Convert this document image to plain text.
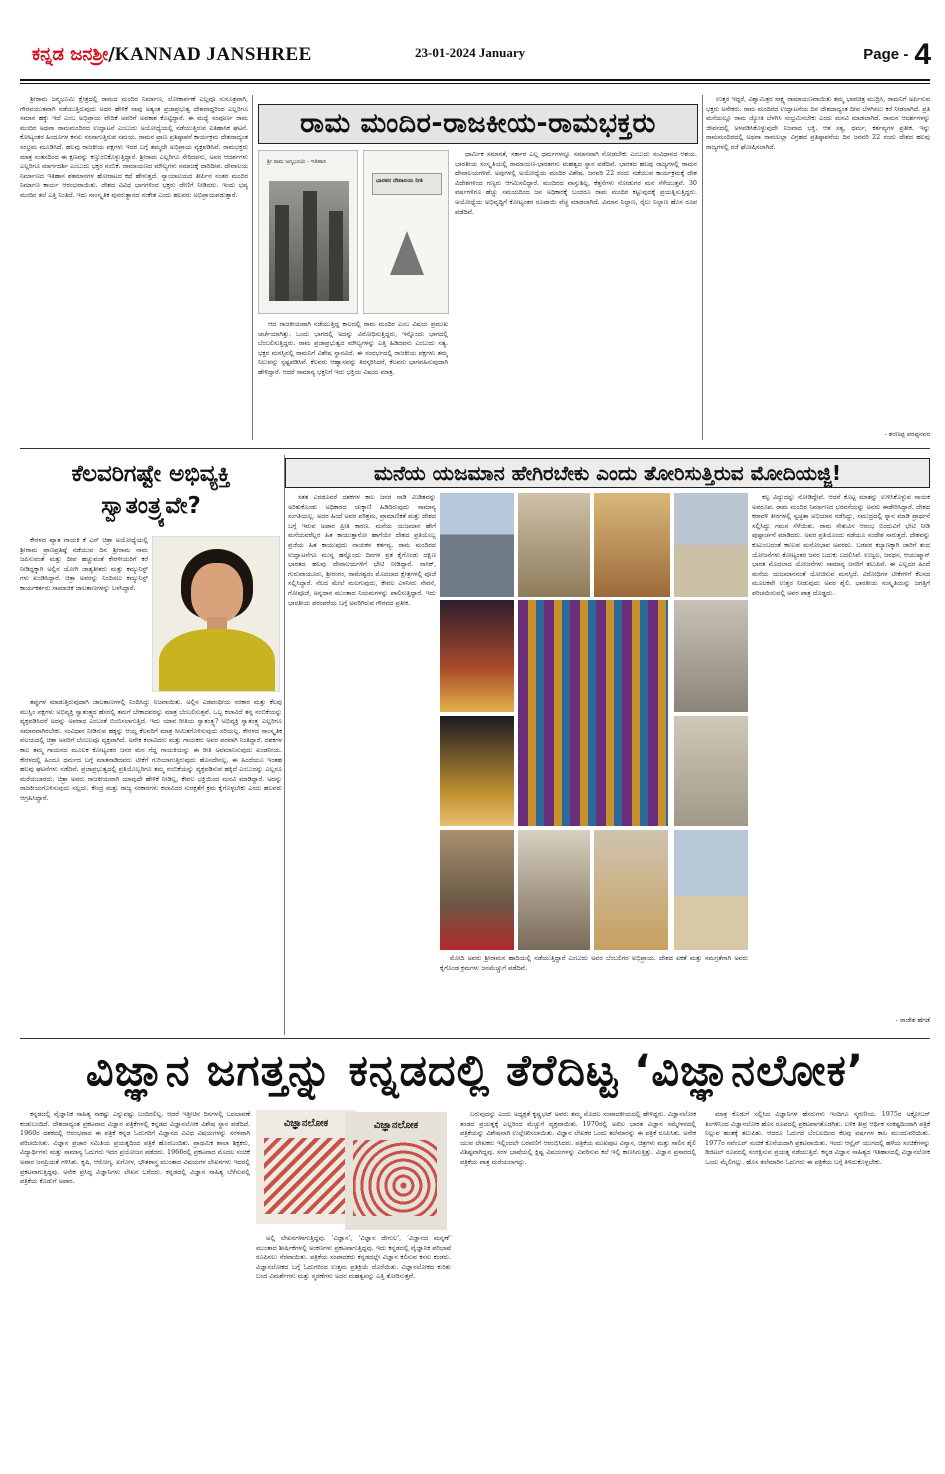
ಕನ್ನಡ ಜನಶ್ರೀ/KANNAD JANSHREE	23-01-2024 January	Page - 4

ಶ್ರೀರಾಮ ಜನ್ಮಭೂಮಿ ಕ್ಷೇತ್ರದಲ್ಲಿ ರಾಮದ ಮಂದಿರ ನಿರ್ಮಾಣ, ಲೋಕಾರ್ಪಣೆ ಎಲ್ಲವೂ ಸುಸೂತ್ರವಾಗಿ, ಗೌರವಯುತವಾಗಿ ನಡೆಯುತ್ತಿರುವುದು ಅದರ ಹೇಳಿಕೆ ನಾವು ಅತ್ಯಂತ ಪ್ರಜಾಪ್ರಭುತ್ವ ದೇಶವಾದ್ದರಿಂದ ಎಲ್ಲರಿಗೂ ಸಮಾನ ಹಕ್ಕು ಇದೆ ಎಂಬ ಅಭಿಪ್ರಾಯ ವೇದಿಕೆ ಅವರಿಗೆ ಅವಕಾಶ ಕೊಟ್ಟಿದ್ದಾರೆ. ಈ ಮಧ್ಯೆ ಸಂಪೂರ್ಣ ರಾಮ ಮಂದಿರ ಅಥವಾ ರಾಮಮಂದಿರದ ಉದ್ಘಾಟನೆ ಎಂಬುದು ಅಯೋಧ್ಯೆಯಲ್ಲಿ ನಡೆಯುತ್ತಿರುವ ಐತಿಹಾಸಿಕ ಘಟನೆ. ಕೋಟ್ಯಂತರ ಹಿಂದೂಗಳ ಕನಸು ನನಸಾಗುತ್ತಿರುವ ಸಮಯ. ರಾಮನ ಪ್ರಾಣ ಪ್ರತಿಷ್ಠಾಪನೆ ಕಾರ್ಯಕ್ರಮ ದೇಶದಾದ್ಯಂತ ಸಂಭ್ರಮ ಮೂಡಿಸಿದೆ. ಹಲವು ರಾಜಕೀಯ ಪಕ್ಷಗಳು ಇದರ ಬಗ್ಗೆ ತಮ್ಮದೇ ಅಭಿಪ್ರಾಯ ವ್ಯಕ್ತಪಡಿಸಿವೆ. ರಾಮಭಕ್ತರು ಮಾತ್ರ ಸಂತಸದಿಂದ ಈ ಕ್ಷಣವನ್ನು ಕಣ್ತುಂಬಿಕೊಳ್ಳುತ್ತಿದ್ದಾರೆ. ಶ್ರೀರಾಮ ಎಲ್ಲರಿಗೂ ಸೇರಿದವನು, ಅವನ ಆದರ್ಶಗಳು ಎಲ್ಲರಿಗೂ ಮಾರ್ಗದರ್ಶಿ ಎಂಬುದು ಭಕ್ತರ ನಂಬಿಕೆ. ರಾಮಾಯಣದ ಮೌಲ್ಯಗಳು ಸಮಾಜಕ್ಕೆ ದಾರಿದೀಪ. ದೇವಾಲಯ ನಿರ್ಮಾಣದ ಇತಿಹಾಸ ಶತಮಾನಗಳ ಹೋರಾಟದ ಕಥೆ ಹೇಳುತ್ತದೆ. ನ್ಯಾಯಾಲಯದ ತೀರ್ಪಿನ ನಂತರ ಮಂದಿರ ನಿರ್ಮಾಣ ಕಾರ್ಯ ಆರಂಭವಾಯಿತು. ದೇಶದ ವಿವಿಧ ಭಾಗಗಳಿಂದ ಭಕ್ತರು ದೇಣಿಗೆ ನೀಡಿದರು. ಇಂದು ಭವ್ಯ ಮಂದಿರ ತಲೆ ಎತ್ತಿ ನಿಂತಿದೆ. ಇದು ಸಾಂಸ್ಕೃತಿಕ ಪುನರುತ್ಥಾನದ ಸಂಕೇತ ಎಂದು ಹಲವರು ಅಭಿಪ್ರಾಯಪಡುತ್ತಾರೆ.

ರಾಮ ಮಂದಿರ-ರಾಜಕೀಯ-ರಾಮಭಕ್ತರು
ಶ್ರೀ ರಾಮ ಜನ್ಮಭೂಮಿ - ಇತಿಹಾಸ
ಭಾರತದ ದೇವಾಲಯ ನೀತಿ

ಆದ ರಾಜಕೀಯವಾಗಿ ನಡೆಯುತ್ತಿದ್ದ ಕಾಲದಲ್ಲಿ ರಾಮ ಮಂದಿರ ಎಂಬ ವಿಷಯ ಪ್ರಮುಖ ಚರ್ಚೆಯಾಗಿತ್ತು. ಒಂದು ಭಾಗದಲ್ಲಿ ಅದನ್ನು ವಿರೋಧಿಸುತ್ತಿದ್ದರು, ಇನ್ನೊಂದು ಭಾಗದಲ್ಲಿ ಬೆಂಬಲಿಸುತ್ತಿದ್ದರು. ರಾಮ ಪ್ರಜಾಪ್ರಭುತ್ವದ ಮೌಲ್ಯಗಳನ್ನು ಎತ್ತಿ ಹಿಡಿದವನು ಎಂಬುದು ಸತ್ಯ. ಭಕ್ತರ ಮನಸ್ಸಿನಲ್ಲಿ ರಾಮನಿಗೆ ವಿಶೇಷ ಸ್ಥಾನವಿದೆ. ಈ ಸಂದರ್ಭದಲ್ಲಿ ರಾಜಕೀಯ ಪಕ್ಷಗಳು ತಮ್ಮ ನಿಲುವನ್ನು ಸ್ಪಷ್ಟಪಡಿಸಿವೆ. ಕೆಲವರು ಆಹ್ವಾನವನ್ನು ತಿರಸ್ಕರಿಸಿದರೆ, ಕೆಲವರು ಭಾಗವಹಿಸುವುದಾಗಿ ಹೇಳಿದ್ದಾರೆ. ಆದರೆ ಸಾಮಾನ್ಯ ಭಕ್ತನಿಗೆ ಇದು ಭಕ್ತಿಯ ವಿಷಯ ಮಾತ್ರ.

ಧಾರ್ಮಿಕ ಸಮಾನತೆ, ಸರ್ಕಾರ ಎಲ್ಲ ಧರ್ಮಗಳನ್ನೂ ಸಮಾನವಾಗಿ ನೋಡಬೇಕು ಎಂಬುದು ಸಂವಿಧಾನದ ಆಶಯ. ಭಾರತೀಯ ಸಂಸ್ಕೃತಿಯಲ್ಲಿ ರಾಮಾಯಣ-ಭಾರತಗಳು ಮಹತ್ವದ ಸ್ಥಾನ ಪಡೆದಿವೆ. ಭಾರತದ ಹಲವು ರಾಜ್ಯಗಳಲ್ಲಿ ರಾಮನ ದೇವಾಲಯಗಳಿವೆ. ಅವುಗಳಲ್ಲಿ ಅಯೋಧ್ಯೆಯ ಮಂದಿರ ವಿಶೇಷ. ಜನವರಿ 22 ರಂದು ನಡೆಯುವ ಕಾರ್ಯಕ್ರಮಕ್ಕೆ ದೇಶ ವಿದೇಶಗಳಿಂದ ಗಣ್ಯರು ಆಗಮಿಸಲಿದ್ದಾರೆ. ಮಂದಿರದ ವಾಸ್ತುಶಿಲ್ಪ, ಕೆತ್ತನೆಗಳು ನೋಡುಗರ ಮನ ಸೆಳೆಯುತ್ತವೆ. 30 ವರ್ಷಗಳಿಗೂ ಹೆಚ್ಚು ಸಮಯದಿಂದ ಜನ ಅಧಿಕಾರಕ್ಕೆ ಬಂದರೂ ರಾಮ ಮಂದಿರ ಕಟ್ಟುವುದಕ್ಕೆ ಪ್ರಯತ್ನಿಸುತ್ತಿದ್ದರು. ಅಯೋಧ್ಯೆಯ ಅಭಿವೃದ್ಧಿಗೆ ಕೋಟ್ಯಂತರ ರೂಪಾಯಿ ವೆಚ್ಚ ಮಾಡಲಾಗಿದೆ. ವಿಮಾನ ನಿಲ್ದಾಣ, ರೈಲು ನಿಲ್ದಾಣ ಹೊಸ ರೂಪ ಪಡೆದಿವೆ.

ಉತ್ತರ ಇದ್ದರೆ, ವಿಶ್ವಾಮಿತ್ರರ ಸಾಕ್ಷ್ಯ ರಾಮಾಯಣವಾಯಿತು ತಮ್ಮ ಭಾವಚಿತ್ರ ಮುದ್ರಿಸಿ, ರಾಮನಿಗೆ ಅರ್ಪಿಸುವ ಭಕ್ತರು ಅನೇಕರು. ರಾಮ ಮಂದಿರದ ಉದ್ಘಾಟನೆಯ ದಿನ ದೇಶದಾದ್ಯಂತ ದೀಪ ಬೆಳಗಿಸಲು ಕರೆ ನೀಡಲಾಗಿದೆ. ಪ್ರತಿ ಮನೆಯಲ್ಲೂ ರಾಮ ಜ್ಯೋತಿ ಬೆಳಗಿಸಿ ಸಂಭ್ರಮಿಸಬೇಕು ಎಂದು ಮನವಿ ಮಾಡಲಾಗಿದೆ. ರಾಮನ ಆದರ್ಶಗಳನ್ನು ಜೀವನದಲ್ಲಿ ಅಳವಡಿಸಿಕೊಳ್ಳುವುದೇ ನಿಜವಾದ ಭಕ್ತಿ. ಆತ ಸತ್ಯ, ಧರ್ಮ, ಕರ್ತವ್ಯಗಳ ಪ್ರತೀಕ. ಇನ್ನು ರಾಮಮಂದಿರದಲ್ಲಿ ಅಥವಾ ರಾಮಲಲ್ಲಾ ವಿಗ್ರಹದ ಪ್ರತಿಷ್ಠಾಪನೆಯ ದಿನ ಜನವರಿ 22 ರಂದು ದೇಶದ ಹಲವು ರಾಜ್ಯಗಳಲ್ಲಿ ರಜೆ ಘೋಷಿಸಲಾಗಿದೆ.

- ಶರಣಪ್ಪ ಪರಪ್ಪನವರ
ಕೆಲವರಿಗಷ್ಟೇ ಅಭಿವ್ಯಕ್ತಿ ಸ್ವಾತಂತ್ರ್ಯವೇ?

ಕೇರಳದ ಖ್ಯಾತ ಗಾಯಕಿ ಕೆ ಎಸ್ ಚಿತ್ರಾ ಅಯೋಧ್ಯೆಯಲ್ಲಿ ಶ್ರೀರಾಮ ಪ್ರಾಣಪ್ರತಿಷ್ಠೆ ನಡೆಯುವ ದಿನ ಶ್ರೀರಾಮ ನಾಮ ಜಪಿಸುವಂತೆ ಮತ್ತು ದೀಪ ಹಚ್ಚುವಂತೆ ಕೇರಳೀಯರಿಗೆ ಕರೆ ನೀಡಿದ್ದಕ್ಕಾಗಿ ಅಲ್ಲಿನ ಯೋಗಿ ಜಾತ್ಯತೀತರು ಮತ್ತು ಕಮ್ಯುನಿಸ್ಟ್ ಗಳು ಖಂಡಿಸಿದ್ದಾರೆ. ಚಿತ್ರಾ ಅವರನ್ನು ನಿಂದಿಸಲು ಕಮ್ಯುನಿಸ್ಟ್ ಕಾರ್ಯಕರ್ತರು ಸಾಮಾಜಿಕ ಜಾಲತಾಣಗಳನ್ನು ಬಳಸಿದ್ದಾರೆ.

ತಪ್ಪುಗಳ ಮಾಡುತ್ತಿರುವುದಾಗಿ ಜಾಲತಾಣಗಳಲ್ಲಿ ನಿಂದಿಸಿದ್ದು ನಿಜವಾಯಿತು. ಅಲ್ಲಿನ ಎಡಪಂಥೀಯ ಸರಕಾರ ಮತ್ತು ಕೆಲವು ಮುಸ್ಲಿಂ ಪಕ್ಷಗಳು ಅಭಿವ್ಯಕ್ತಿ ಸ್ವಾತಂತ್ರ್ಯದ ಹೆಸರಲ್ಲಿ ತಮಗೆ ಬೇಕಾದವರನ್ನು ಮಾತ್ರ ಬೆಂಬಲಿಸುತ್ತವೆ. ಒಬ್ಬ ಕಲಾವಿದೆ ತನ್ನ ನಂಬಿಕೆಯನ್ನು ವ್ಯಕ್ತಪಡಿಸಿದರೆ ಅದನ್ನು ಅಪರಾಧ ಎಂಬಂತೆ ಬಿಂಬಿಸಲಾಗುತ್ತಿದೆ. ಇದು ಯಾವ ರೀತಿಯ ಸ್ವಾತಂತ್ರ್ಯ? ಅಭಿವ್ಯಕ್ತಿ ಸ್ವಾತಂತ್ರ್ಯ ಎಲ್ಲರಿಗೂ ಸಮಾನವಾಗಿರಬೇಕು. ಸಂವಿಧಾನ ನೀಡಿರುವ ಹಕ್ಕನ್ನು ಆಯ್ದ ಕೆಲವರಿಗೆ ಮಾತ್ರ ಸೀಮಿತಗೊಳಿಸುವುದು ಸರಿಯಲ್ಲ. ಕೇರಳದ ಸಾಂಸ್ಕೃತಿಕ ವಲಯದಲ್ಲಿ ಚಿತ್ರಾ ಅವರಿಗೆ ಬೆಂಬಲವೂ ವ್ಯಕ್ತವಾಗಿದೆ. ಅನೇಕ ಕಲಾವಿದರು ಮತ್ತು ಗಾಯಕರು ಅವರ ಪರವಾಗಿ ನಿಂತಿದ್ದಾರೆ. ದಶಕಗಳ ಕಾಲ ತಮ್ಮ ಗಾಯನದ ಮೂಲಕ ಕೋಟ್ಯಂತರ ಜನರ ಮನ ಗೆದ್ದ ಗಾಯಕಿಯನ್ನು ಈ ರೀತಿ ಅವಮಾನಿಸುವುದು ಖಂಡನೀಯ. ಕೇರಳದಲ್ಲಿ ಹಿಂದೂ ಧರ್ಮದ ಬಗ್ಗೆ ಮಾತನಾಡಿದವರು ಟೀಕೆಗೆ ಗುರಿಯಾಗುತ್ತಿರುವುದು ಹೊಸದೇನಲ್ಲ. ಈ ಹಿಂದೆಯೂ ಇಂತಹ ಹಲವು ಘಟನೆಗಳು ನಡೆದಿವೆ. ಪ್ರಜಾಪ್ರಭುತ್ವದಲ್ಲಿ ಪ್ರತಿಯೊಬ್ಬರಿಗೂ ತಮ್ಮ ನಂಬಿಕೆಯನ್ನು ವ್ಯಕ್ತಪಡಿಸುವ ಹಕ್ಕಿದೆ ಎಂಬುದನ್ನು ಎಲ್ಲರೂ ಮರೆಯಬಾರದು. ಚಿತ್ರಾ ಅವರು ರಾಜಕೀಯವಾಗಿ ಯಾವುದೇ ಹೇಳಿಕೆ ನೀಡಿಲ್ಲ, ಕೇವಲ ಭಕ್ತಿಯಿಂದ ಮನವಿ ಮಾಡಿದ್ದಾರೆ. ಅದನ್ನು ರಾಜಕೀಯಗೊಳಿಸುವುದು ಸಲ್ಲದು. ಕೇಂದ್ರ ಮತ್ತು ರಾಜ್ಯ ಸರಕಾರಗಳು ಕಲಾವಿದರ ಸುರಕ್ಷತೆಗೆ ಕ್ರಮ ಕೈಗೊಳ್ಳಬೇಕು ಎಂದು ಹಲವರು ಆಗ್ರಹಿಸಿದ್ದಾರೆ.

ಮನೆಯ ಯಜಮಾನ ಹೇಗಿರಬೇಕು ಎಂದು ತೋರಿಸುತ್ತಿರುವ ಮೋದಿಯಜ್ಜಿ!

ಸತತ ಎರಡೂವರೆ ದಶಕಗಳ ಕಾಲ ಜನರ ನಾಡಿ ಮಿಡಿತವನ್ನು ಅರಿತುಕೊಂಡು ಅಧಿಕಾರದ ಚುಕ್ಕಾಣಿ ಹಿಡಿದಿರುವುದು ಸಾಮಾನ್ಯ ಸಂಗತಿಯಲ್ಲ. ಅದರ ಹಿಂದೆ ಅವರ ಪರಿಶ್ರಮ, ಪ್ರಾಮಾಣಿಕತೆ ಮತ್ತು ದೇಶದ ಬಗ್ಗೆ ಇರುವ ಅಪಾರ ಪ್ರೀತಿ ಕಾರಣ. ಮನೆಯ ಯಜಮಾನ ಹೇಗೆ ಮನೆಯವರೆಲ್ಲರ ಹಿತ ಕಾಯುತ್ತಾನೋ ಹಾಗೆಯೇ ದೇಶದ ಪ್ರತಿಯೊಬ್ಬ ಪ್ರಜೆಯ ಹಿತ ಕಾಯುವುದು ನಾಯಕನ ಕರ್ತವ್ಯ. ರಾಮ ಮಂದಿರದ ಉದ್ಘಾಟನೆಗೂ ಮುನ್ನ ಹನ್ನೊಂದು ದಿನಗಳ ವ್ರತ ಕೈಗೊಂಡು ದಕ್ಷಿಣ ಭಾರತದ ಹಲವು ದೇವಾಲಯಗಳಿಗೆ ಭೇಟಿ ನೀಡಿದ್ದಾರೆ. ನಾಸಿಕ್, ಗುರುವಾಯೂರು, ಶ್ರೀರಂಗಂ, ರಾಮೇಶ್ವರಂ ಮೊದಲಾದ ಕ್ಷೇತ್ರಗಳಲ್ಲಿ ಪೂಜೆ ಸಲ್ಲಿಸಿದ್ದಾರೆ. ನೆಲದ ಮೇಲೆ ಮಲಗುವುದು, ಕೇವಲ ಎಳನೀರು ಸೇವನೆ, ಗೋಪೂಜೆ, ಅನ್ನದಾನ ಮುಂತಾದ ನಿಯಮಗಳನ್ನು ಪಾಲಿಸುತ್ತಿದ್ದಾರೆ. ಇದು ಭಾರತೀಯ ಪರಂಪರೆಯ ಬಗ್ಗೆ ಅವರಿಗಿರುವ ಗೌರವದ ಪ್ರತೀಕ.

ಮೋದಿ ಅವರು ಶ್ರೀರಾಮನ ಹಾದಿಯಲ್ಲಿ ನಡೆಯುತ್ತಿದ್ದಾರೆ ಎಂಬುದು ಅವರ ಬೆಂಬಲಿಗರ ಅಭಿಪ್ರಾಯ. ದೇಶದ ಏಕತೆ ಮತ್ತು ಸಮಗ್ರತೆಗಾಗಿ ಅವರು ಕೈಗೊಂಡ ಕ್ರಮಗಳು ಜನಮೆಚ್ಚುಗೆ ಪಡೆದಿವೆ.

ಕಲ್ಪ ವಿದ್ದುದನ್ನು ನೋಡಿದ್ದೇವೆ. ಆದರೆ ಕೊಟ್ಟ ಮಾತನ್ನು ಉಳಿಸಿಕೊಳ್ಳುವ ನಾಯಕ ಅಪರೂಪ. ರಾಮ ಮಂದಿರ ನಿರ್ಮಾಣದ ಭರವಸೆಯನ್ನು ಅವರು ಈಡೇರಿಸಿದ್ದಾರೆ. ದೇಶದ ಕರಾವಳಿ ತೀರಗಳಲ್ಲಿ ಸ್ವಚ್ಛತಾ ಅಭಿಯಾನ ನಡೆಸಿದ್ದು, ಸಮುದ್ರದಲ್ಲಿ ಸ್ನಾನ ಮಾಡಿ ಪ್ರಾರ್ಥನೆ ಸಲ್ಲಿಸಿದ್ದು ಗಮನ ಸೆಳೆಯಿತು. ರಾಮ ಸೇತುವಿನ ಆರಂಭ ಬಿಂದುವಿಗೆ ಭೇಟಿ ನೀಡಿ ಪುಷ್ಪಾರ್ಚನೆ ಮಾಡಿದರು. ಅವರ ಪ್ರತಿಯೊಂದು ನಡೆಯೂ ಸಂದೇಶ ಸಾರುತ್ತದೆ. ದೇಶವನ್ನು ಕುಟುಂಬದಂತೆ ಕಾಣುವ ಮನೋಭಾವ ಅವರದು. ಬಡವರ ಕಲ್ಯಾಣಕ್ಕಾಗಿ ಜಾರಿಗೆ ತಂದ ಯೋಜನೆಗಳು ಕೋಟ್ಯಂತರ ಜನರ ಬದುಕು ಬದಲಿಸಿವೆ. ಉಜ್ವಲ, ಜನಧನ, ಆಯುಷ್ಮಾನ್ ಭಾರತ ಮೊದಲಾದ ಯೋಜನೆಗಳು ಸಾಮಾನ್ಯ ಜನರಿಗೆ ತಲುಪಿವೆ. ಈ ಎಲ್ಲದರ ಹಿಂದೆ ಮನೆಯ ಯಜಮಾನನಂತೆ ಯೋಚಿಸುವ ಮನಸ್ಸಿದೆ. ವಿರೋಧಿಗಳ ಟೀಕೆಗಳಿಗೆ ಕೆಲಸದ ಮೂಲಕವೇ ಉತ್ತರ ನೀಡುವುದು ಅವರ ಶೈಲಿ. ಭಾರತೀಯ ಸಂಸ್ಕೃತಿಯನ್ನು ಜಗತ್ತಿಗೆ ಪರಿಚಯಿಸುವಲ್ಲಿ ಅವರ ಪಾತ್ರ ದೊಡ್ಡದು.

- ರಾಜೇಶ ಹೆಗಡೆ
ವಿಜ್ಞಾನ ಜಗತ್ತನ್ನು ಕನ್ನಡದಲ್ಲಿ ತೆರೆದಿಟ್ಟ ‘ವಿಜ್ಞಾನಲೋಕ’

ಕನ್ನಡದಲ್ಲಿ ವೈಜ್ಞಾನಿಕ ಸಾಹಿತ್ಯ ಸಾಕಷ್ಟು ಎನ್ನುವಷ್ಟು ಬಂದಿರಲಿಲ್ಲ. ಆದರೆ ಇತ್ತೀಚಿನ ದಿನಗಳಲ್ಲಿ ಬದಲಾವಣೆ ಕಂಡುಬಂದಿದೆ. ದೇಶದಾದ್ಯಂತ ಪ್ರಕಟವಾದ ವಿಜ್ಞಾನ ಪತ್ರಿಕೆಗಳಲ್ಲಿ ಕನ್ನಡದ ವಿಜ್ಞಾನಲೋಕ ವಿಶೇಷ ಸ್ಥಾನ ಪಡೆದಿದೆ. 1960ರ ದಶಕದಲ್ಲಿ ಆರಂಭವಾದ ಈ ಪತ್ರಿಕೆ ಕನ್ನಡ ಓದುಗರಿಗೆ ವಿಜ್ಞಾನದ ವಿವಿಧ ವಿಷಯಗಳನ್ನು ಸರಳವಾಗಿ ಪರಿಚಯಿಸಿತು. ವಿಜ್ಞಾನ ಪ್ರಚಾರ ಸಮಿತಿಯ ಪ್ರಯತ್ನದಿಂದ ಪತ್ರಿಕೆ ಹೊರಬಂದಿತು. ಪ್ರಾಥಮಿಕ ಶಾಲಾ ಶಿಕ್ಷಕರು, ವಿದ್ಯಾರ್ಥಿಗಳು ಮತ್ತು ಸಾಮಾನ್ಯ ಓದುಗರು ಇದರ ಪ್ರಯೋಜನ ಪಡೆದರು. 1966ರಲ್ಲಿ ಪ್ರಕಟವಾದ ಮೊದಲ ಸಂಚಿಕೆ ಅಪಾರ ಜನಪ್ರಿಯತೆ ಗಳಿಸಿತು. ಕೃಷಿ, ಆರೋಗ್ಯ, ಖಗೋಳ, ಭೌತಶಾಸ್ತ್ರ ಮುಂತಾದ ವಿಷಯಗಳ ಲೇಖನಗಳು ಇದರಲ್ಲಿ ಪ್ರಕಟವಾಗುತ್ತಿದ್ದವು. ಅನೇಕ ಪ್ರಸಿದ್ಧ ವಿಜ್ಞಾನಿಗಳು ಲೇಖನ ಬರೆದರು. ಕನ್ನಡದಲ್ಲಿ ವಿಜ್ಞಾನ ಸಾಹಿತ್ಯ ಬೆಳೆಸುವಲ್ಲಿ ಪತ್ರಿಕೆಯ ಕೊಡುಗೆ ಅಪಾರ.

ವಿಜ್ಞಾನಲೋಕ	ವಿಜ್ಞಾನಲೋಕ

ಅಲ್ಲಿ ಲೇಖನಗಳಾಗುತ್ತಿದ್ದವು. ‘ವಿಜ್ಞಾನ’, ‘ವಿಜ್ಞಾನ ದೇಗುಲ’, ‘ವಿಜ್ಞಾನದ ಮನ್ನಣೆ’ ಮುಂತಾದ ಶೀರ್ಷಿಕೆಗಳಲ್ಲಿ ಅಂಕಣಗಳು ಪ್ರಕಟವಾಗುತ್ತಿದ್ದವು. ಇದು ಕನ್ನಡದಲ್ಲಿ ವೈಜ್ಞಾನಿಕ ಪರಿಭಾಷೆ ರೂಪಿಸಲು ನೆರವಾಯಿತು. ಪತ್ರಿಕೆಯ ಸಂಪಾದಕರು ಕನ್ನಡದಲ್ಲೇ ವಿಜ್ಞಾನ ಕಲಿಸುವ ಕನಸು ಕಂಡರು. ವಿಜ್ಞಾನಲೋಕದ ಬಗ್ಗೆ ಓದುಗರಿಂದ ಉತ್ತಮ ಪ್ರತಿಕ್ರಿಯೆ ದೊರೆಯಿತು. ವಿಜ್ಞಾನಲೋಕದ ಕುರಿತು ಬಂದ ವಿಮರ್ಶೆಗಳು ಮತ್ತು ಸ್ಮರಣೆಗಳು ಅದರ ಮಹತ್ವವನ್ನು ಎತ್ತಿ ತೋರಿಸುತ್ತವೆ.

ಬರುವುದನ್ನು ಎಂದು ಅಧ್ಯಕ್ಷತೆ ಕೃಷ್ಣಭಟ್ ಅವರು ತಮ್ಮ ಮೊದಲ ಸಂಪಾದಕೀಯದಲ್ಲಿ ಹೇಳಿದ್ದರು. ವಿಜ್ಞಾನಲೋಕ ತಂಡದ ಪ್ರಯತ್ನಕ್ಕೆ ಎಲ್ಲರಿಂದ ಮೆಚ್ಚುಗೆ ವ್ಯಕ್ತವಾಯಿತು. 1970ರಲ್ಲಿ ಅಖಿಲ ಭಾರತ ವಿಜ್ಞಾನ ಸಮ್ಮೇಳನದಲ್ಲಿ ಪತ್ರಿಕೆಯನ್ನು ವಿಶೇಷವಾಗಿ ಉಲ್ಲೇಖಿಸಲಾಯಿತು. ವಿಜ್ಞಾನ ಲೇಖಕರ ಒಂದು ತಲೆಮಾರನ್ನು ಈ ಪತ್ರಿಕೆ ರೂಪಿಸಿತು. ಅನೇಕ ಯುವ ಲೇಖಕರು ಇಲ್ಲಿಂದಲೇ ಬರವಣಿಗೆ ಆರಂಭಿಸಿದರು. ಪತ್ರಿಕೆಯ ಮುಖಪುಟ ವಿನ್ಯಾಸ, ಚಿತ್ರಗಳು ಮತ್ತು ಸಾಲಿನ ಶೈಲಿ ವಿಶಿಷ್ಟವಾಗಿದ್ದವು. ಸರಳ ಭಾಷೆಯಲ್ಲಿ ಕ್ಲಿಷ್ಟ ವಿಷಯಗಳನ್ನು ವಿವರಿಸುವ ಕಲೆ ಇಲ್ಲಿ ಕಾಣಸಿಗುತ್ತಿತ್ತು. ವಿಜ್ಞಾನ ಪ್ರಸಾರದಲ್ಲಿ ಪತ್ರಿಕೆಯ ಪಾತ್ರ ಮರೆಯಲಾಗದ್ದು.

ಮಾತ್ರ ಕೊಡುಗೆ ಸಲ್ಲಿಸಿದ ವಿಜ್ಞಾನಿಗಳ ಹೆಸರುಗಳು ಇಂದಿಗೂ ಸ್ಮರಣೀಯ. 1975ರ ಅಕ್ಟೋಬರ್ ತಿಂಗಳಿನಿಂದ ವಿಜ್ಞಾನಲೋಕ ಹೊಸ ರೂಪದಲ್ಲಿ ಪ್ರಕಟವಾಗತೊಡಗಿತು. ಬಳಿಕ ತೀವ್ರ ಆರ್ಥಿಕ ಸಂಕಷ್ಟದಿಂದಾಗಿ ಪತ್ರಿಕೆ ನಿಲ್ಲುವ ಹಂತಕ್ಕೆ ತಲುಪಿತು. ಆದರೂ ಓದುಗರ ಬೆಂಬಲದಿಂದ ಕೆಲವು ವರ್ಷಗಳ ಕಾಲ ಮುಂದುವರಿಯಿತು. 1977ರ ನವೆಂಬರ್ ಸಂಚಿಕೆ ಕೊನೆಯದಾಗಿ ಪ್ರಕಟವಾಯಿತು. ಇಂದು ಆನ್ಲೈನ್ ಯುಗದಲ್ಲಿ ಹಳೆಯ ಸಂಚಿಕೆಗಳನ್ನು ಡಿಜಿಟಲ್ ರೂಪದಲ್ಲಿ ಸಂರಕ್ಷಿಸುವ ಪ್ರಯತ್ನ ನಡೆಯುತ್ತಿದೆ. ಕನ್ನಡ ವಿಜ್ಞಾನ ಸಾಹಿತ್ಯದ ಇತಿಹಾಸದಲ್ಲಿ ವಿಜ್ಞಾನಲೋಕ ಒಂದು ಮೈಲಿಗಲ್ಲು. ಹೊಸ ತಲೆಮಾರಿನ ಓದುಗರು ಈ ಪತ್ರಿಕೆಯ ಬಗ್ಗೆ ತಿಳಿದುಕೊಳ್ಳಬೇಕು.
